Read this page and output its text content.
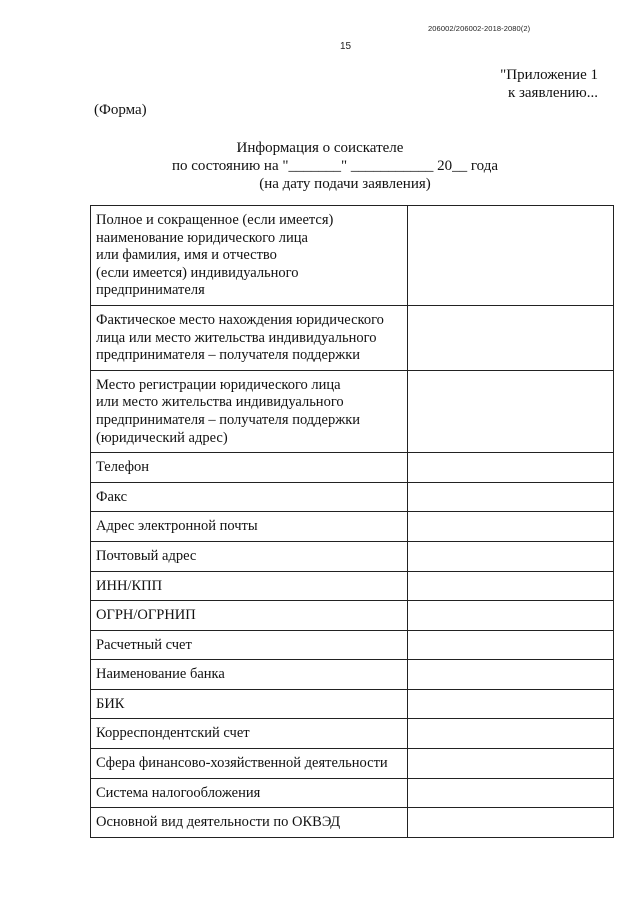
206002/206002-2018-2080(2)
15
"Приложение 1
к заявлению...
(Форма)
Информация о соискателе
по состоянию на "_______" ___________ 20__ года
(на дату подачи заявления)
Полное и сокращенное (если имеется)
наименование юридического лица
или фамилия, имя и отчество
(если имеется) индивидуального
предпринимателя	

Фактическое место нахождения юридического
лица или место жительства индивидуального
предпринимателя – получателя поддержки	

Место регистрации юридического лица
или место жительства индивидуального
предпринимателя – получателя поддержки
(юридический адрес)	

Телефон	
Факс	
Адрес электронной почты	
Почтовый адрес	
ИНН/КПП	
ОГРН/ОГРНИП	
Расчетный счет	
Наименование банка	
БИК	
Корреспондентский счет	
Сфера финансово-хозяйственной деятельности	
Система налогообложения	
Основной вид деятельности по ОКВЭД	
